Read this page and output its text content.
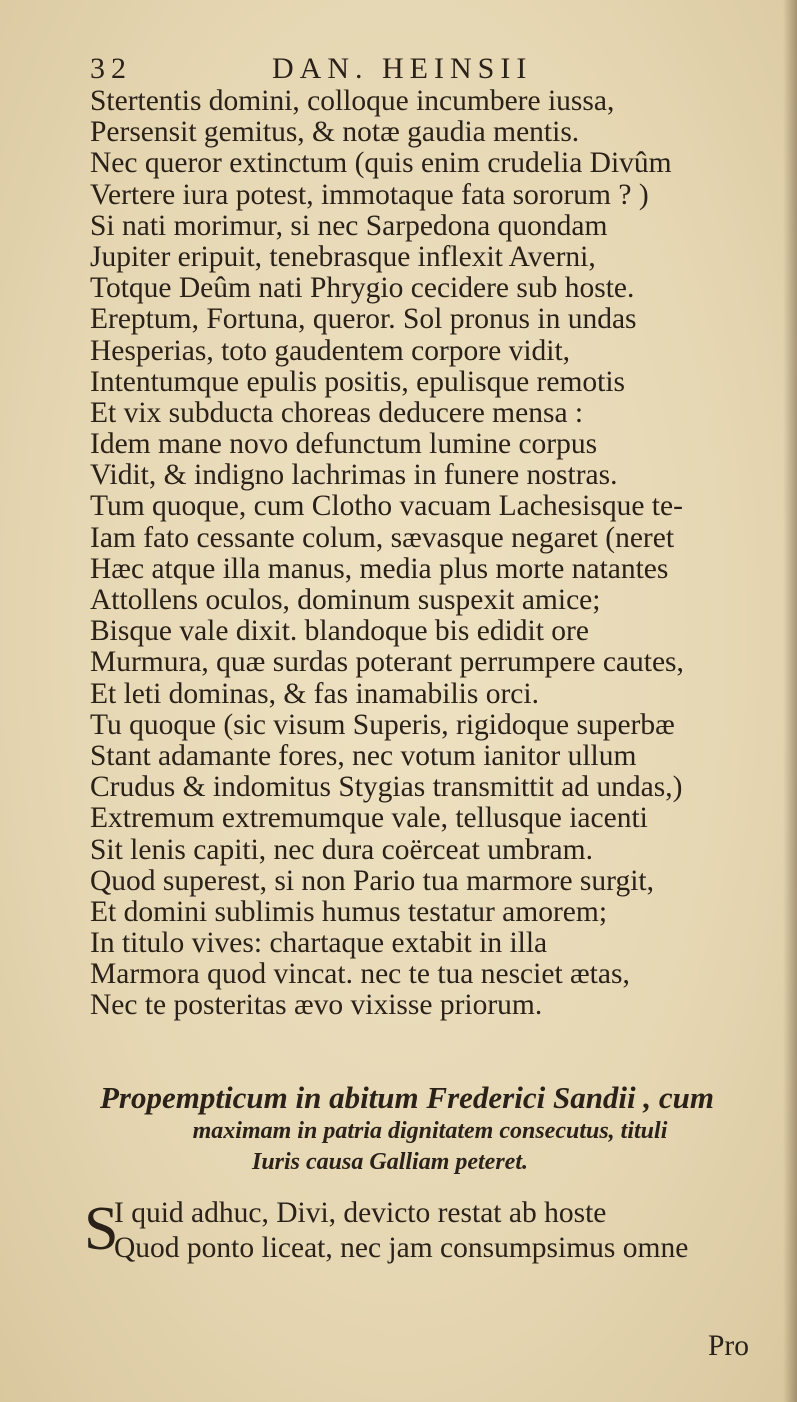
32	DAN. HEINSII
Stertentis domini, colloque incumbere iussa,
Persensit gemitus, & notæ gaudia mentis.
Nec queror extinctum (quis enim crudelia Divûm
Vertere iura potest, immotaque fata sororum ? )
Si nati morimur, si nec Sarpedona quondam
Jupiter eripuit, tenebrasque inflexit Averni,
Totque Deûm nati Phrygio cecidere sub hoste.
Ereptum, Fortuna, queror. Sol pronus in undas
Hesperias, toto gaudentem corpore vidit,
Intentumque epulis positis, epulisque remotis
Et vix subducta choreas deducere mensa :
Idem mane novo defunctum lumine corpus
Vidit, & indigno lachrimas in funere nostras.
Tum quoque, cum Clotho vacuam Lachesisque te-
Iam fato cessante colum, sævasque negaret (neret
Hæc atque illa manus, media plus morte natantes
Attollens oculos, dominum suspexit amice;
Bisque vale dixit. blandoque bis edidit ore
Murmura, quæ surdas poterant perrumpere cautes,
Et leti dominas, & fas inamabilis orci.
Tu quoque (sic visum Superis, rigidoque superbæ
Stant adamante fores, nec votum ianitor ullum
Crudus & indomitus Stygias transmittit ad undas,)
Extremum extremumque vale, tellusque iacenti
Sit lenis capiti, nec dura coërceat umbram.
Quod superest, si non Pario tua marmore surgit,
Et domini sublimis humus testatur amorem;
In titulo vives: chartaque extabit in illa
Marmora quod vincat. nec te tua nesciet ætas,
Nec te posteritas ævo vixisse priorum.
Propempticum in abitum Frederici Sandii , cum
maximam in patria dignitatem consecutus, tituli
Iuris causa Galliam peteret.
S
I quid adhuc, Divi, devicto restat ab hoste
Quod ponto liceat, nec jam consumpsimus omne
Pro
